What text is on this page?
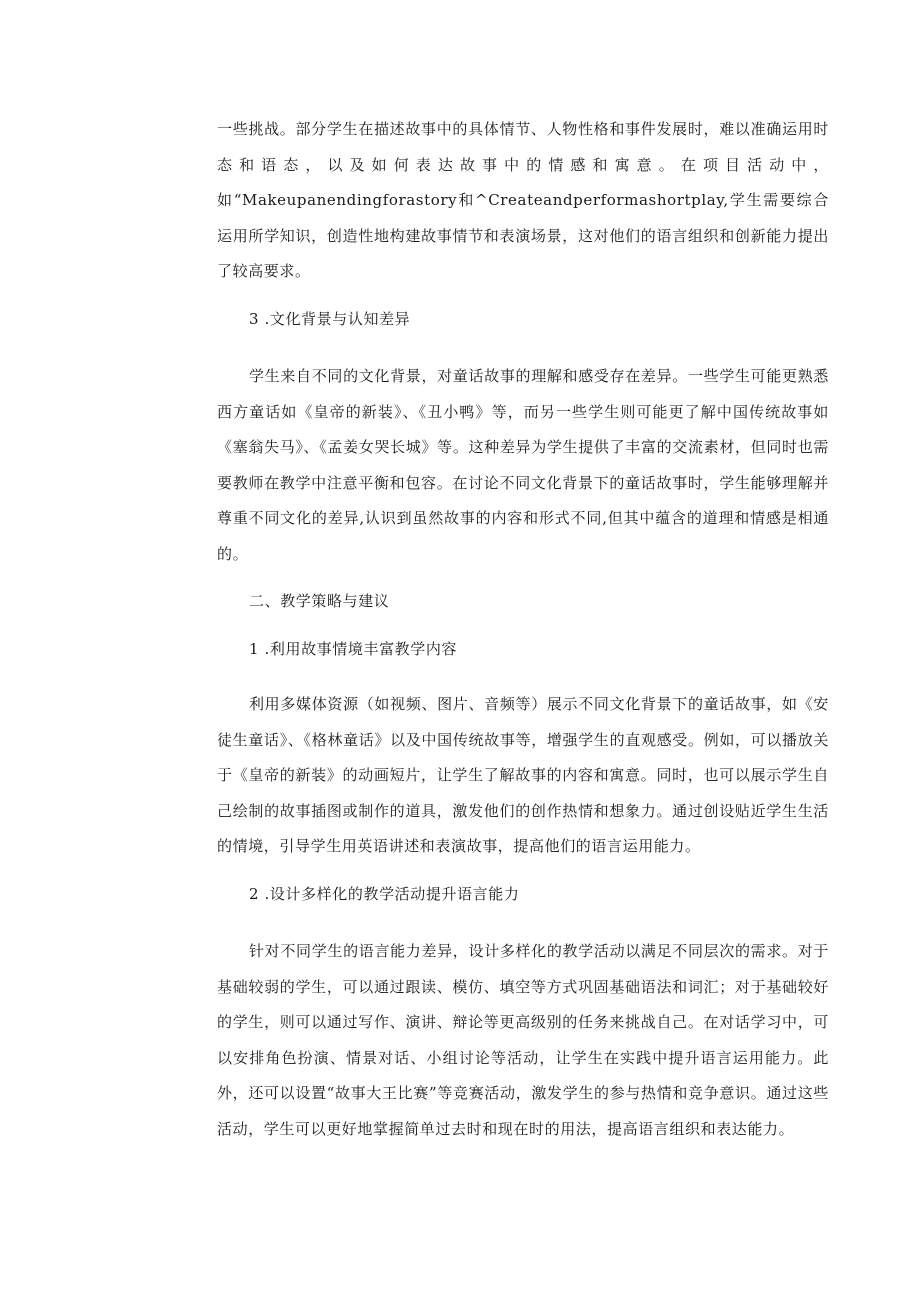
一些挑战。部分学生在描述故事中的具体情节、人物性格和事件发展时，难以准确运用时态和语态，以及如何表达故事中的情感和寓意。在项目活动中，如“Makeupanendingforastory和^Createandperformashortplay,学生需要综合运用所学知识，创造性地构建故事情节和表演场景，这对他们的语言组织和创新能力提出了较高要求。

3 .文化背景与认知差异

学生来自不同的文化背景，对童话故事的理解和感受存在差异。一些学生可能更熟悉西方童话如《皇帝的新装》、《丑小鸭》等，而另一些学生则可能更了解中国传统故事如《塞翁失马》、《孟姜女哭长城》等。这种差异为学生提供了丰富的交流素材，但同时也需要教师在教学中注意平衡和包容。在讨论不同文化背景下的童话故事时，学生能够理解并尊重不同文化的差异,认识到虽然故事的内容和形式不同,但其中蕴含的道理和情感是相通的。

二、教学策略与建议

1 .利用故事情境丰富教学内容

利用多媒体资源（如视频、图片、音频等）展示不同文化背景下的童话故事，如《安徒生童话》、《格林童话》以及中国传统故事等，增强学生的直观感受。例如，可以播放关于《皇帝的新装》的动画短片，让学生了解故事的内容和寓意。同时，也可以展示学生自己绘制的故事插图或制作的道具，激发他们的创作热情和想象力。通过创设贴近学生生活的情境，引导学生用英语讲述和表演故事，提高他们的语言运用能力。

2 .设计多样化的教学活动提升语言能力

针对不同学生的语言能力差异，设计多样化的教学活动以满足不同层次的需求。对于基础较弱的学生，可以通过跟读、模仿、填空等方式巩固基础语法和词汇；对于基础较好的学生，则可以通过写作、演讲、辩论等更高级别的任务来挑战自己。在对话学习中，可以安排角色扮演、情景对话、小组讨论等活动，让学生在实践中提升语言运用能力。此外，还可以设置“故事大王比赛”等竞赛活动，激发学生的参与热情和竞争意识。通过这些活动，学生可以更好地掌握简单过去时和现在时的用法，提高语言组织和表达能力。
